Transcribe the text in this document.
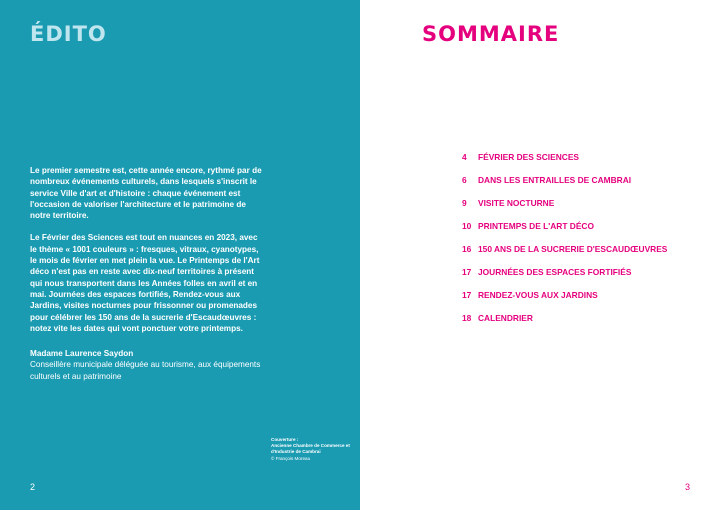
ÉDITO

Le premier semestre est, cette année encore, rythmé par de nombreux événements culturels, dans lesquels s'inscrit le service Ville d'art et d'histoire : chaque événement est l'occasion de valoriser l'architecture et le patrimoine de notre territoire.

Le Février des Sciences est tout en nuances en 2023, avec le thème « 1001 couleurs » : fresques, vitraux, cyanotypes, le mois de février en met plein la vue. Le Printemps de l'Art déco n'est pas en reste avec dix-neuf territoires à présent qui nous transportent dans les Années folles en avril et en mai. Journées des espaces fortifiés, Rendez-vous aux Jardins, visites nocturnes pour frissonner ou promenades pour célébrer les 150 ans de la sucrerie d'Escaudœuvres : notez vite les dates qui vont ponctuer votre printemps.

Madame Laurence Saydon
Conseillère municipale déléguée au tourisme, aux équipements culturels et au patrimoine
Couverture :
Ancienne Chambre de Commerce et d'Industrie de Cambrai
© François Moreau
2
SOMMAIRE
4	FÉVRIER DES SCIENCES
6	DANS LES ENTRAILLES DE CAMBRAI
9	VISITE NOCTURNE
10 PRINTEMPS DE L'ART DÉCO
16 150 ANS DE LA SUCRERIE D'ESCAUDŒUVRES
17 JOURNÉES DES ESPACES FORTIFIÉS
17 RENDEZ-VOUS AUX JARDINS
18 CALENDRIER
3
